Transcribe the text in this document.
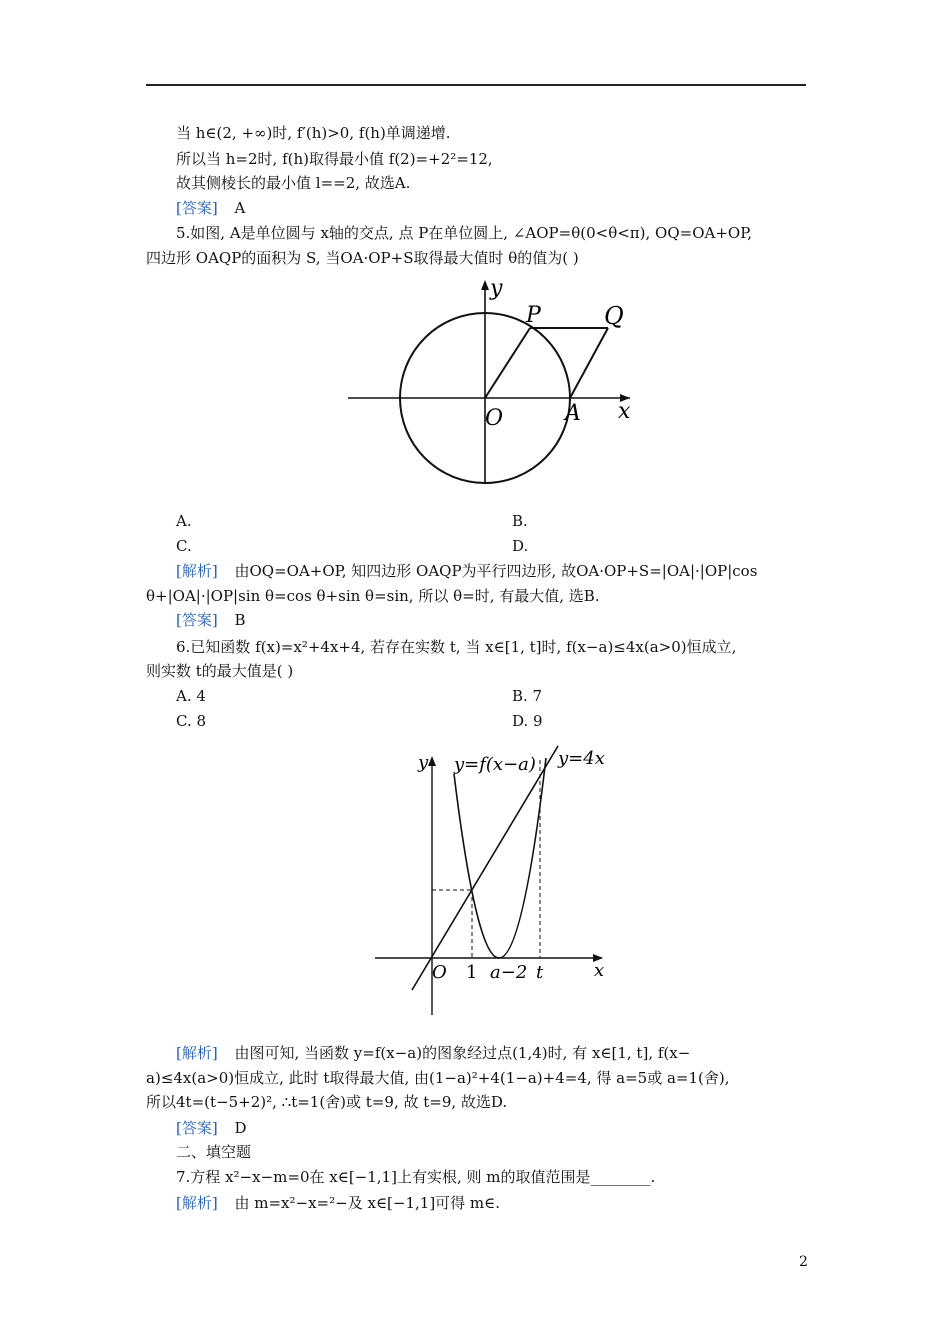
当 h∈(2, +∞)时, f′(h)>0, f(h)单调递增.
所以当 h=2时, f(h)取得最小值 f(2)=+2²=12,
故其侧棱长的最小值 l==2, 故选A.
[答案] A
5.如图, A是单位圆与 x轴的交点, 点 P在单位圆上, ∠AOP=θ(0<θ<π), OQ=OA+OP,
四边形 OAQP的面积为 S, 当OA·OP+S取得最大值时 θ的值为( )
y
x
O	A
P	Q
A.	B.
C.	D.
[解析] 由OQ=OA+OP, 知四边形 OAQP为平行四边形, 故OA·OP+S=|OA|·|OP|cos
θ+|OA|·|OP|sin θ=cos θ+sin θ=sin, 所以 θ=时, 有最大值, 选B.
[答案] B
6.已知函数 f(x)=x²+4x+4, 若存在实数 t, 当 x∈[1, t]时, f(x−a)≤4x(a>0)恒成立,
则实数 t的最大值是( )
A. 4	B. 7
C. 8	D. 9
y
x
O 1 a−2 t
y=f(x−a) y=4x
[解析] 由图可知, 当函数 y=f(x−a)的图象经过点(1,4)时, 有 x∈[1, t], f(x−
a)≤4x(a>0)恒成立, 此时 t取得最大值, 由(1−a)²+4(1−a)+4=4, 得 a=5或 a=1(舍),
所以4t=(t−5+2)², ∴t=1(舍)或 t=9, 故 t=9, 故选D.
[答案] D
二、填空题
7.方程 x²−x−m=0在 x∈[−1,1]上有实根, 则 m的取值范围是________.
[解析] 由 m=x²−x=²−及 x∈[−1,1]可得 m∈.
2
